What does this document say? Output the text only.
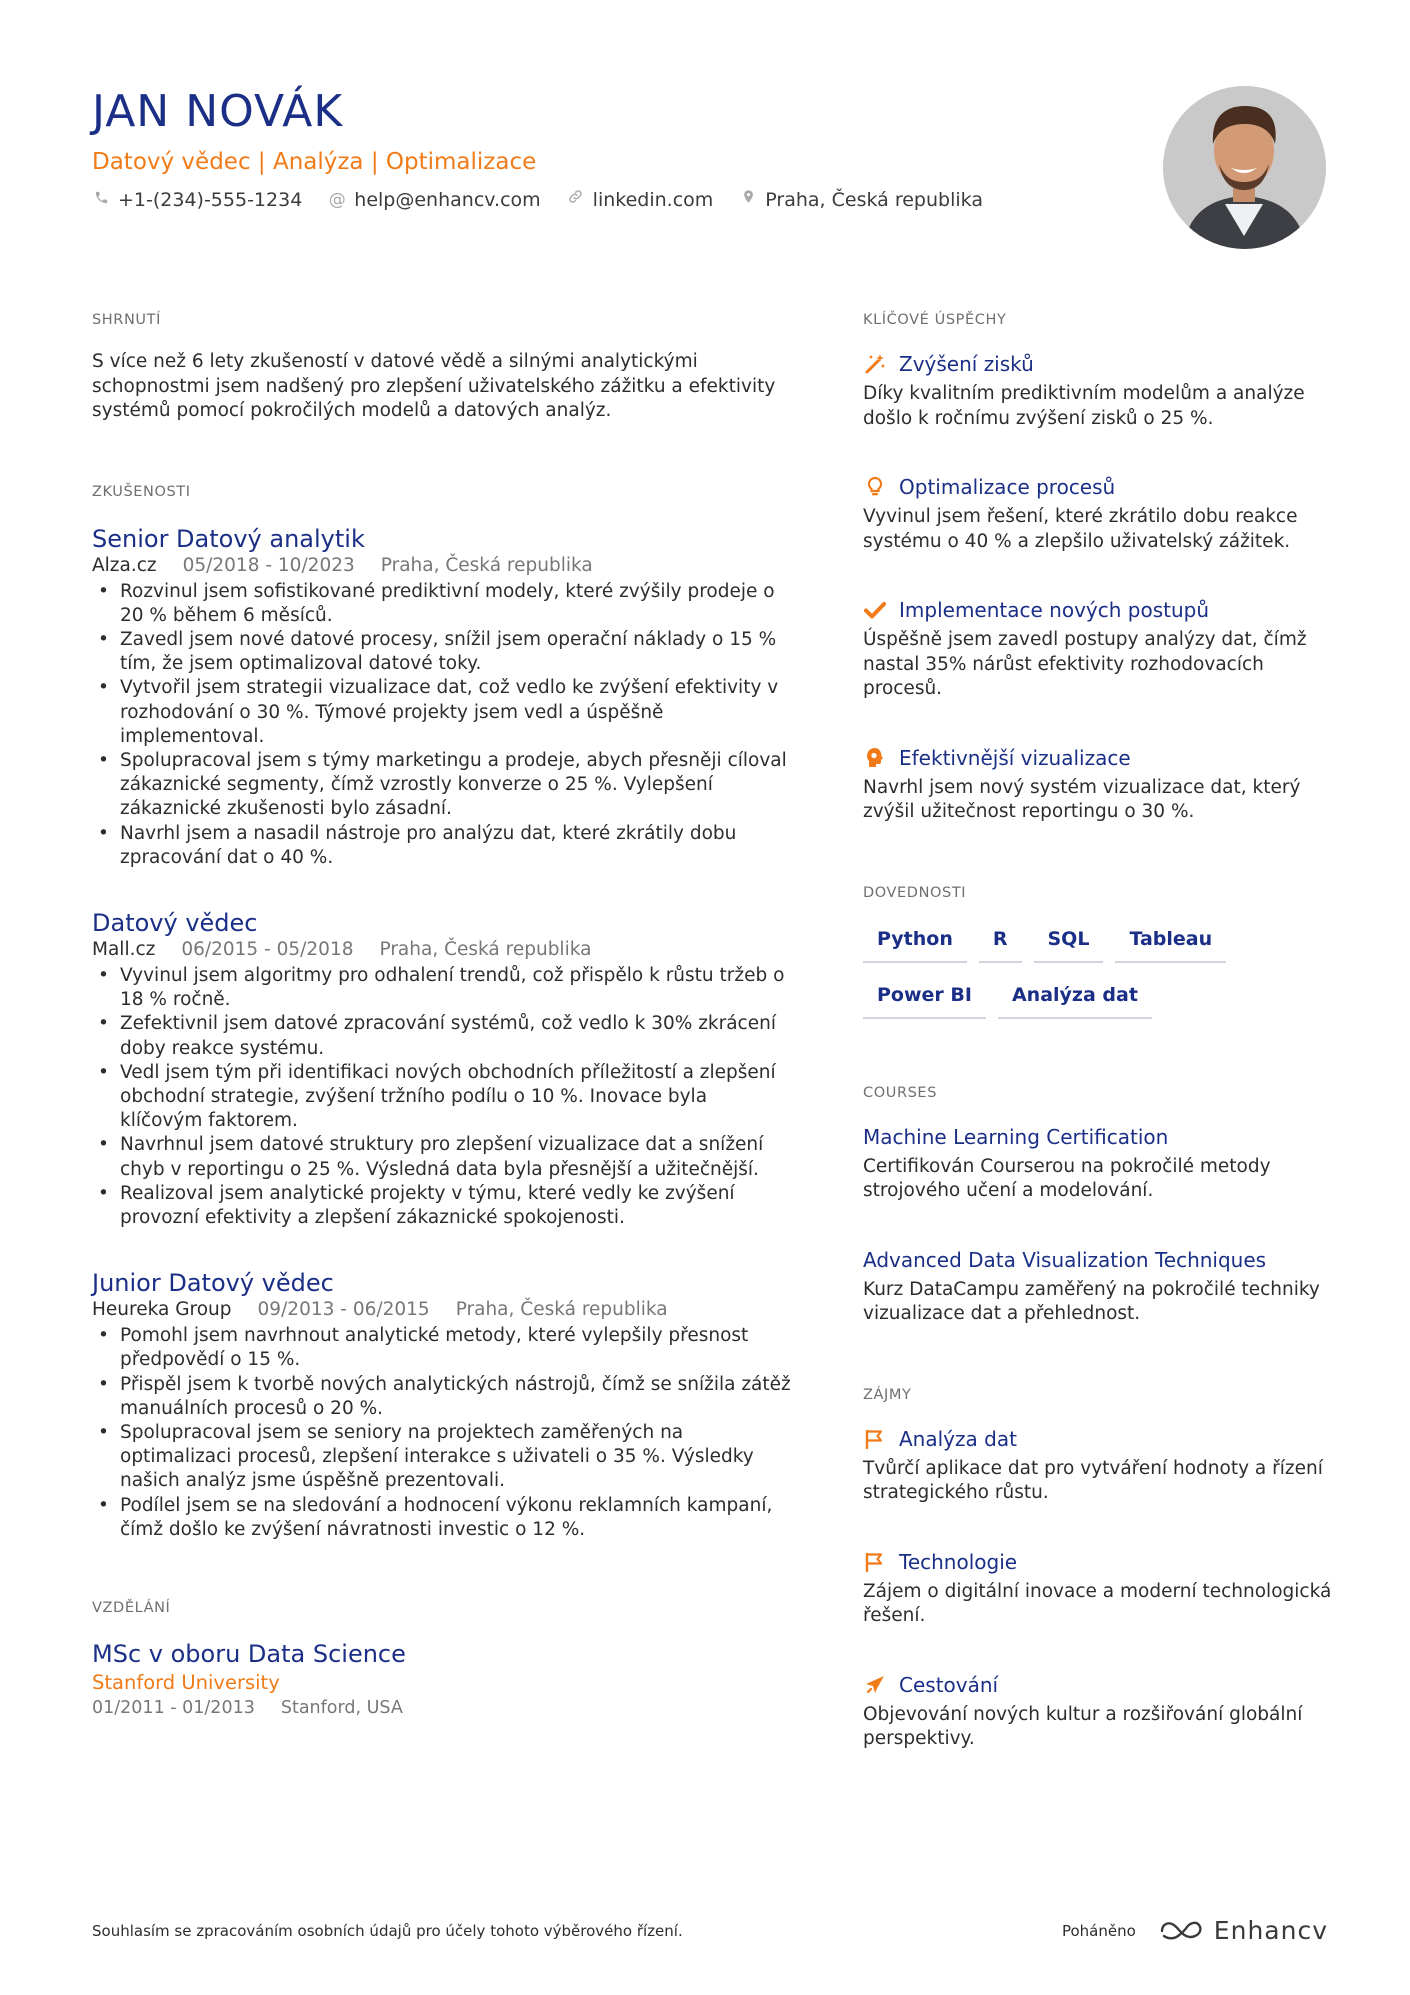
JAN NOVÁK
Datový vědec | Analýza | Optimalizace
+1-(234)-555-1234 @ help@enhancv.com	linkedin.com	Praha, Česká republika
SHRNUTÍ
S více než 6 lety zkušeností v datové vědě a silnými analytickými schopnostmi jsem nadšený pro zlepšení uživatelského zážitku a efektivity systémů pomocí pokročilých modelů a datových analýz.
ZKUŠENOSTI
Senior Datový analytik
Alza.cz 05/2018 - 10/2023 Praha, Česká republika
• Rozvinul jsem sofistikované prediktivní modely, které zvýšily prodeje o 20 % během 6 měsíců.
• Zavedl jsem nové datové procesy, snížil jsem operační náklady o 15 % tím, že jsem optimalizoval datové toky.
• Vytvořil jsem strategii vizualizace dat, což vedlo ke zvýšení efektivity v rozhodování o 30 %. Týmové projekty jsem vedl a úspěšně implementoval.
• Spolupracoval jsem s týmy marketingu a prodeje, abych přesněji cíloval zákaznické segmenty, čímž vzrostly konverze o 25 %. Vylepšení zákaznické zkušenosti bylo zásadní.
• Navrhl jsem a nasadil nástroje pro analýzu dat, které zkrátily dobu zpracování dat o 40 %.
Datový vědec
Mall.cz 06/2015 - 05/2018 Praha, Česká republika
• Vyvinul jsem algoritmy pro odhalení trendů, což přispělo k růstu tržeb o 18 % ročně.
• Zefektivnil jsem datové zpracování systémů, což vedlo k 30% zkrácení doby reakce systému.
• Vedl jsem tým při identifikaci nových obchodních příležitostí a zlepšení obchodní strategie, zvýšení tržního podílu o 10 %. Inovace byla klíčovým faktorem.
• Navrhnul jsem datové struktury pro zlepšení vizualizace dat a snížení chyb v reportingu o 25 %. Výsledná data byla přesnější a užitečnější.
• Realizoval jsem analytické projekty v týmu, které vedly ke zvýšení provozní efektivity a zlepšení zákaznické spokojenosti.
Junior Datový vědec
Heureka Group 09/2013 - 06/2015 Praha, Česká republika
• Pomohl jsem navrhnout analytické metody, které vylepšily přesnost předpovědí o 15 %.
• Přispěl jsem k tvorbě nových analytických nástrojů, čímž se snížila zátěž manuálních procesů o 20 %.
• Spolupracoval jsem se seniory na projektech zaměřených na optimalizaci procesů, zlepšení interakce s uživateli o 35 %. Výsledky našich analýz jsme úspěšně prezentovali.
• Podílel jsem se na sledování a hodnocení výkonu reklamních kampaní, čímž došlo ke zvýšení návratnosti investic o 12 %.
VZDĚLÁNÍ
MSc v oboru Data Science
Stanford University
01/2011 - 01/2013 Stanford, USA
KLÍČOVÉ ÚSPĚCHY
Zvýšení zisků
Díky kvalitním prediktivním modelům a analýze došlo k ročnímu zvýšení zisků o 25 %.
Optimalizace procesů
Vyvinul jsem řešení, které zkrátilo dobu reakce systému o 40 % a zlepšilo uživatelský zážitek.
Implementace nových postupů
Úspěšně jsem zavedl postupy analýzy dat, čímž nastal 35% nárůst efektivity rozhodovacích procesů.
Efektivnější vizualizace
Navrhl jsem nový systém vizualizace dat, který zvýšil užitečnost reportingu o 30 %.
DOVEDNOSTI
Python	R	SQL	Tableau
Power BI	Analýza dat
COURSES
Machine Learning Certification
Certifikován Courserou na pokročilé metody strojového učení a modelování.
Advanced Data Visualization Techniques
Kurz DataCampu zaměřený na pokročilé techniky vizualizace dat a přehlednost.
ZÁJMY
Analýza dat
Tvůrčí aplikace dat pro vytváření hodnoty a řízení strategického růstu.
Technologie
Zájem o digitální inovace a moderní technologická řešení.
Cestování
Objevování nových kultur a rozšiřování globální perspektivy.
Souhlasím se zpracováním osobních údajů pro účely tohoto výběrového řízení.	Poháněno	Enhancv
